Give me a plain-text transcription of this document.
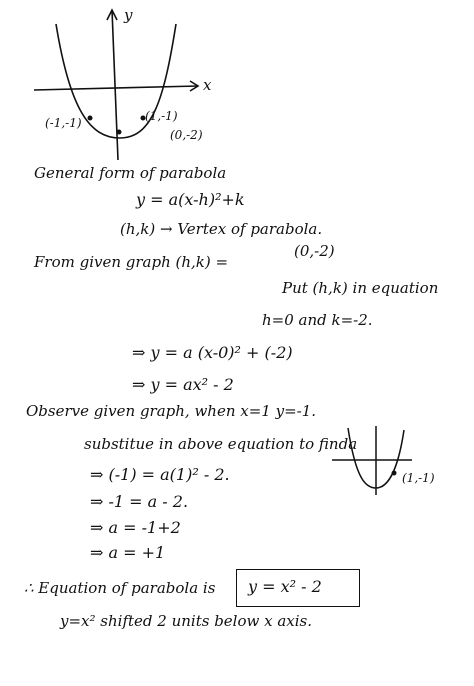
y
x
(-1,-1)	(1,-1)
(0,-2)
General form of parabola
y = a(x-h)²+k
(h,k) → Vertex of parabola.
From given graph (h,k) =
(0,-2)
Put (h,k) in equation
h=0 and k=-2.
⇒ y = a (x-0)² + (-2)
⇒ y = ax² - 2
Observe given graph, when x=1 y=-1.
substitue in above equation to finda
⇒ (-1) = a(1)² - 2.
⇒ -1 = a - 2.
⇒ a = -1+2
⇒ a = +1
∴ Equation of parabola is y = x² - 2
y=x² shifted 2 units below x axis.
(1,-1)
